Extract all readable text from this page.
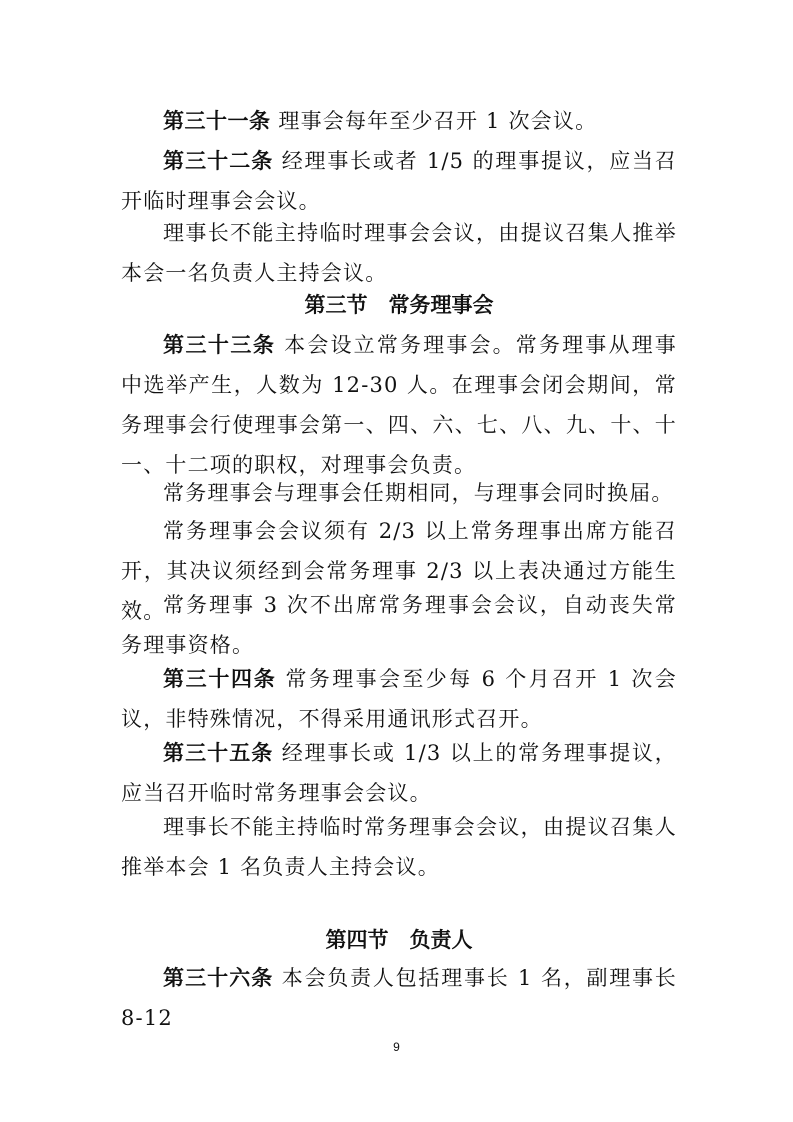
第三十一条 理事会每年至少召开 1 次会议。

第三十二条 经理事长或者 1/5 的理事提议，应当召开临时理事会会议。

理事长不能主持临时理事会会议，由提议召集人推举本会一名负责人主持会议。

第三节　常务理事会

第三十三条 本会设立常务理事会。常务理事从理事中选举产生，人数为 12-30 人。在理事会闭会期间，常务理事会行使理事会第一、四、六、七、八、九、十、十一、十二项的职权，对理事会负责。

常务理事会与理事会任期相同，与理事会同时换届。

常务理事会会议须有 2/3 以上常务理事出席方能召开，其决议须经到会常务理事 2/3 以上表决通过方能生效。

常务理事 3 次不出席常务理事会会议，自动丧失常务理事资格。

第三十四条 常务理事会至少每 6 个月召开 1 次会议，非特殊情况，不得采用通讯形式召开。

第三十五条 经理事长或 1/3 以上的常务理事提议，应当召开临时常务理事会会议。

理事长不能主持临时常务理事会会议，由提议召集人推举本会 1 名负责人主持会议。

第四节　负责人

第三十六条 本会负责人包括理事长 1 名，副理事长 8-12

9
